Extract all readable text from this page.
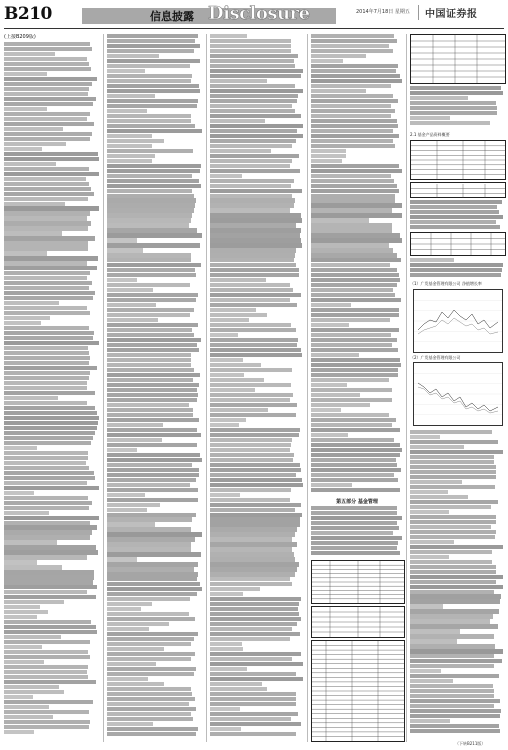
B210	信息披露 Disclosure	2014年7月18日 星期五 中国证券报
(上接B209版)
第五部分 基金管理
2.1 基金产品资料概要
（1）广发基金管理有限公司 净值增长率
（2）广发基金管理有限公司
（下转B211版）
